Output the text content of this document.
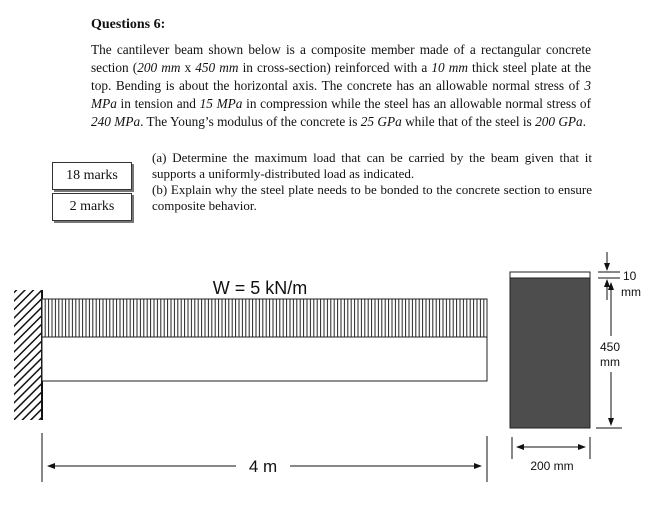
Questions 6:
The cantilever beam shown below is a composite member made of a rectangular concrete section (200 mm x 450 mm in cross-section) reinforced with a 10 mm thick steel plate at the top. Bending is about the horizontal axis. The concrete has an allowable normal stress of 3 MPa in tension and 15 MPa in compression while the steel has an allowable normal stress of 240 MPa. The Young’s modulus of the concrete is 25 GPa while that of the steel is 200 GPa.
18 marks
2 marks
(a) Determine the maximum load that can be carried by the beam given that it supports a uniformly-distributed load as indicated.
(b) Explain why the steel plate needs to be bonded to the concrete section to ensure composite behavior.
W = 5 kN/m
4 m	200 mm
10
mm
450
mm
